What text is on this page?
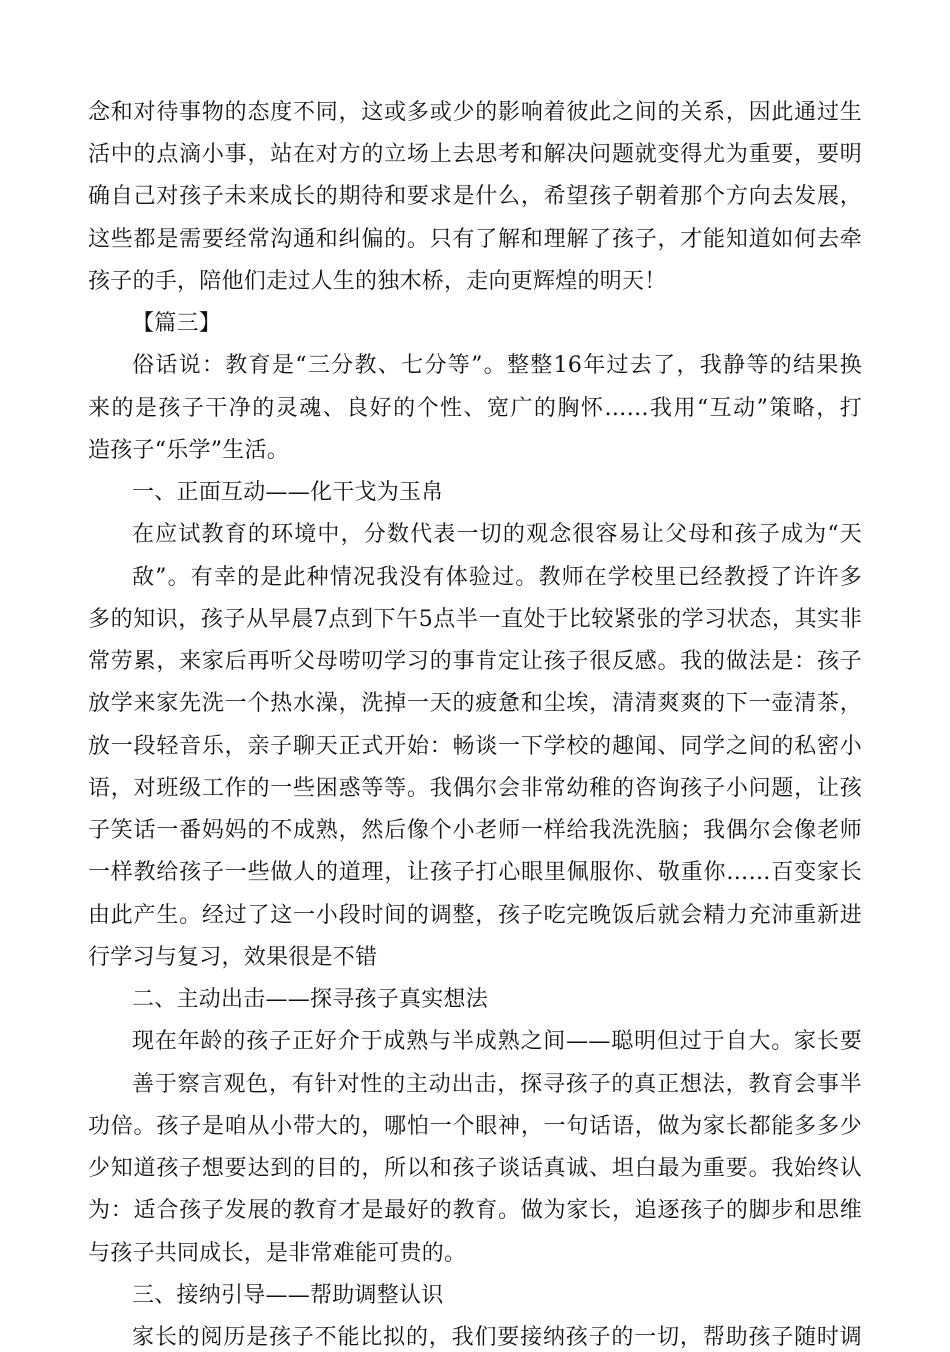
念和对待事物的态度不同，这或多或少的影响着彼此之间的关系，因此通过生
活中的点滴小事，站在对方的立场上去思考和解决问题就变得尤为重要，要明
确自己对孩子未来成长的期待和要求是什么，希望孩子朝着那个方向去发展，
这些都是需要经常沟通和纠偏的。只有了解和理解了孩子，才能知道如何去牵
孩子的手，陪他们走过人生的独木桥，走向更辉煌的明天！
【篇三】
俗话说：教育是“三分教、七分等”。整整16年过去了，我静等的结果换
来的是孩子干净的灵魂、良好的个性、宽广的胸怀……我用“互动”策略，打
造孩子“乐学”生活。
一、正面互动——化干戈为玉帛
在应试教育的环境中，分数代表一切的观念很容易让父母和孩子成为“天
敌”。有幸的是此种情况我没有体验过。教师在学校里已经教授了许许多
多的知识，孩子从早晨7点到下午5点半一直处于比较紧张的学习状态，其实非
常劳累，来家后再听父母唠叨学习的事肯定让孩子很反感。我的做法是：孩子
放学来家先洗一个热水澡，洗掉一天的疲惫和尘埃，清清爽爽的下一壶清茶，
放一段轻音乐，亲子聊天正式开始：畅谈一下学校的趣闻、同学之间的私密小
语，对班级工作的一些困惑等等。我偶尔会非常幼稚的咨询孩子小问题，让孩
子笑话一番妈妈的不成熟，然后像个小老师一样给我洗洗脑；我偶尔会像老师
一样教给孩子一些做人的道理，让孩子打心眼里佩服你、敬重你……百变家长
由此产生。经过了这一小段时间的调整，孩子吃完晚饭后就会精力充沛重新进
行学习与复习，效果很是不错
二、主动出击——探寻孩子真实想法
现在年龄的孩子正好介于成熟与半成熟之间——聪明但过于自大。家长要
善于察言观色，有针对性的主动出击，探寻孩子的真正想法，教育会事半
功倍。孩子是咱从小带大的，哪怕一个眼神，一句话语，做为家长都能多多少
少知道孩子想要达到的目的，所以和孩子谈话真诚、坦白最为重要。我始终认
为：适合孩子发展的教育才是最好的教育。做为家长，追逐孩子的脚步和思维
与孩子共同成长，是非常难能可贵的。
三、接纳引导——帮助调整认识
家长的阅历是孩子不能比拟的，我们要接纳孩子的一切，帮助孩子随时调
